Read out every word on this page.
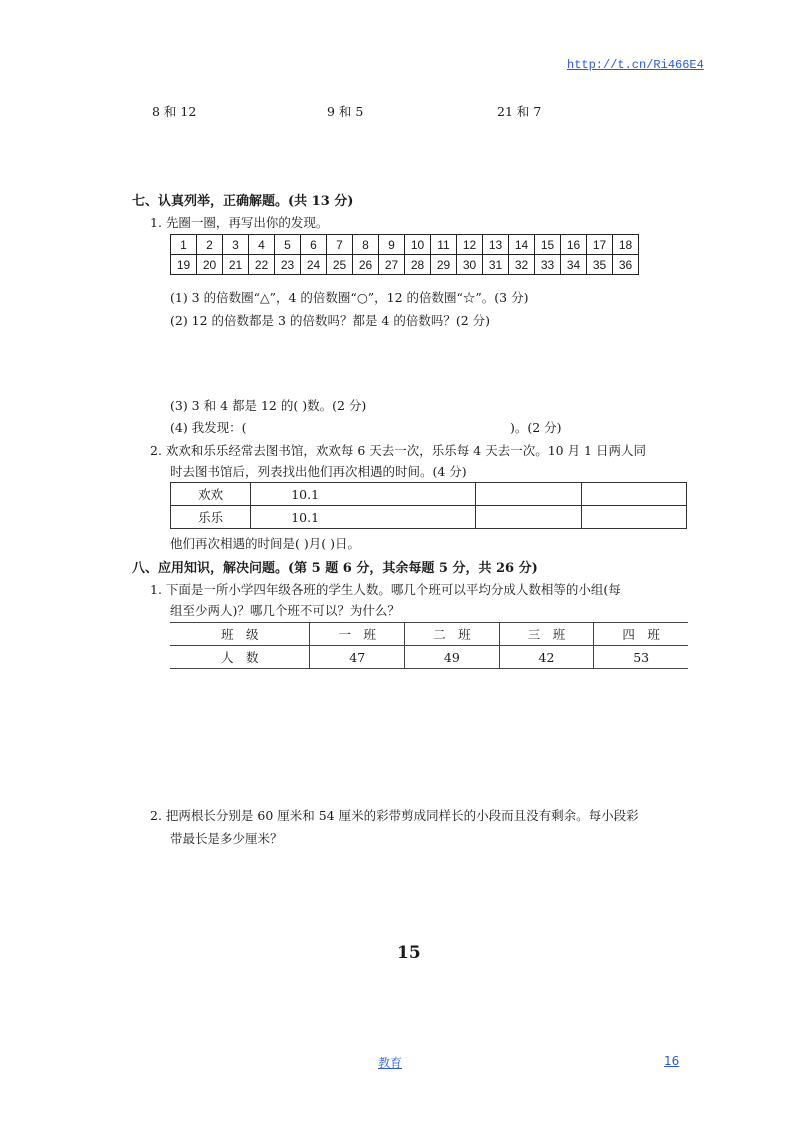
http://t.cn/Ri466E4
8 和 12	9 和 5	21 和 7
七、认真列举，正确解题。(共 13 分)
1. 先圈一圈，再写出你的发现。
1	2	3	4	5	6	7	8	9	10	11	12	13	14	15	16	17	18
19	20	21	22	23	24	25	26	27	28	29	30	31	32	33	34	35	36
(1) 3 的倍数圈“△”，4 的倍数圈“○”，12 的倍数圈“☆”。(3 分)
(2) 12 的倍数都是 3 的倍数吗？都是 4 的倍数吗？(2 分)
(3) 3 和 4 都是 12 的( )数。(2 分)
(4) 我发现：(	)。(2 分)
2. 欢欢和乐乐经常去图书馆，欢欢每 6 天去一次，乐乐每 4 天去一次。10 月 1 日两人同
时去图书馆后，列表找出他们再次相遇的时间。(4 分)
欢欢	10.1		
乐乐	10.1		
他们再次相遇的时间是( )月( )日。
八、应用知识，解决问题。(第 5 题 6 分，其余每题 5 分，共 26 分)
1. 下面是一所小学四年级各班的学生人数。哪几个班可以平均分成人数相等的小组(每
组至少两人)？哪几个班不可以？为什么？
班　级	一　班	二　班	三　班	四　班
人　数	47	49	42	53
2. 把两根长分别是 60 厘米和 54 厘米的彩带剪成同样长的小段而且没有剩余。每小段彩
带最长是多少厘米？
15
教育	16
